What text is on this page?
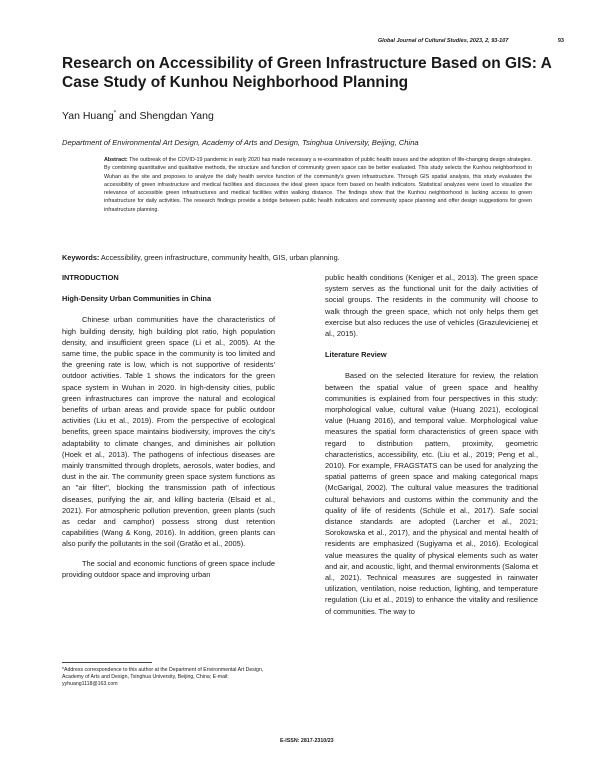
Global Journal of Cultural Studies, 2023, 2, 93-107	93
Research on Accessibility of Green Infrastructure Based on GIS: A Case Study of Kunhou Neighborhood Planning
Yan Huang* and Shengdan Yang
Department of Environmental Art Design, Academy of Arts and Design, Tsinghua University, Beijing, China

Abstract: The outbreak of the COVID-19 pandemic in early 2020 has made necessary a re-examination of public health issues and the adoption of life-changing design strategies. By combining quantitative and qualitative methods, the structure and function of community green space can be better evaluated. This study selects the Kunhou neighborhood in Wuhan as the site and proposes to analyze the daily health service function of the community's green infrastructure. Through GIS spatial analysis, this study evaluates the accessibility of green infrastructure and medical facilities and discusses the ideal green space form based on health indicators. Statistical analyzes were used to visualize the relevance of accessible green infrastructures and medical facilities within walking distance. The findings show that the Kunhou neighborhood is lacking access to green infrastructure for daily activities. The research findings provide a bridge between public health indicators and community space planning and offer design suggestions for green infrastructure planning.

Keywords: Accessibility, green infrastructure, community health, GIS, urban planning.
INTRODUCTION
High-Density Urban Communities in China

Chinese urban communities have the characteristics of high building density, high building plot ratio, high population density, and insufficient green space (Li et al., 2005). At the same time, the public space in the community is too limited and the greening rate is low, which is not supportive of residents' outdoor activities. Table 1 shows the indicators for the green space system in Wuhan in 2020. In high-density cities, public green infrastructures can improve the natural and ecological benefits of urban areas and provide space for public outdoor activities (Liu et al., 2019). From the perspective of ecological benefits, green space maintains biodiversity, improves the city's adaptability to climate changes, and diminishes air pollution (Hoek et al., 2013). The pathogens of infectious diseases are mainly transmitted through droplets, aerosols, water bodies, and dust in the air. The community green space system functions as an "air filter", blocking the transmission path of infectious diseases, purifying the air, and killing bacteria (Elsaid et al., 2021). For atmospheric pollution prevention, green plants (such as cedar and camphor) possess strong dust retention capabilities (Wang & Kong, 2016). In addition, green plants can also purify the pollutants in the soil (Gratão et al., 2005).

The social and economic functions of green space include providing outdoor space and improving urban

public health conditions (Keniger et al., 2013). The green space system serves as the functional unit for the daily activities of social groups. The residents in the community will choose to walk through the green space, which not only helps them get exercise but also reduces the use of vehicles (Grazulevicienej et al., 2015).

Literature Review

Based on the selected literature for review, the relation between the spatial value of green space and healthy communities is explained from four perspectives in this study: morphological value, cultural value (Huang 2021), ecological value (Huang 2016), and temporal value. Morphological value measures the spatial form characteristics of green space with regard to distribution pattern, proximity, geometric characteristics, accessibility, etc. (Liu et al., 2019; Peng et al., 2010). For example, FRAGSTATS can be used for analyzing the spatial patterns of green space and making categorical maps (McGarigal, 2002). The cultural value measures the traditional cultural behaviors and customs within the community and the quality of life of residents (Schüle et al., 2017). Safe social distance standards are adopted (Larcher et al., 2021; Sorokowska et al., 2017), and the physical and mental health of residents are emphasized (Sugiyama et al., 2016). Ecological value measures the quality of physical elements such as water and air, and acoustic, light, and thermal environments (Saloma et al., 2021). Technical measures are suggested in rainwater utilization, ventilation, noise reduction, lighting, and temperature regulation (Liu et al., 2019) to enhance the vitality and resilience of communities. The way to

*Address correspondence to this author at the Department of Environmental Art Design, Academy of Arts and Design, Tsinghua University, Beijing, China; E-mail: yyhuang1118@163.com
E-ISSN: 2817-2310/23
